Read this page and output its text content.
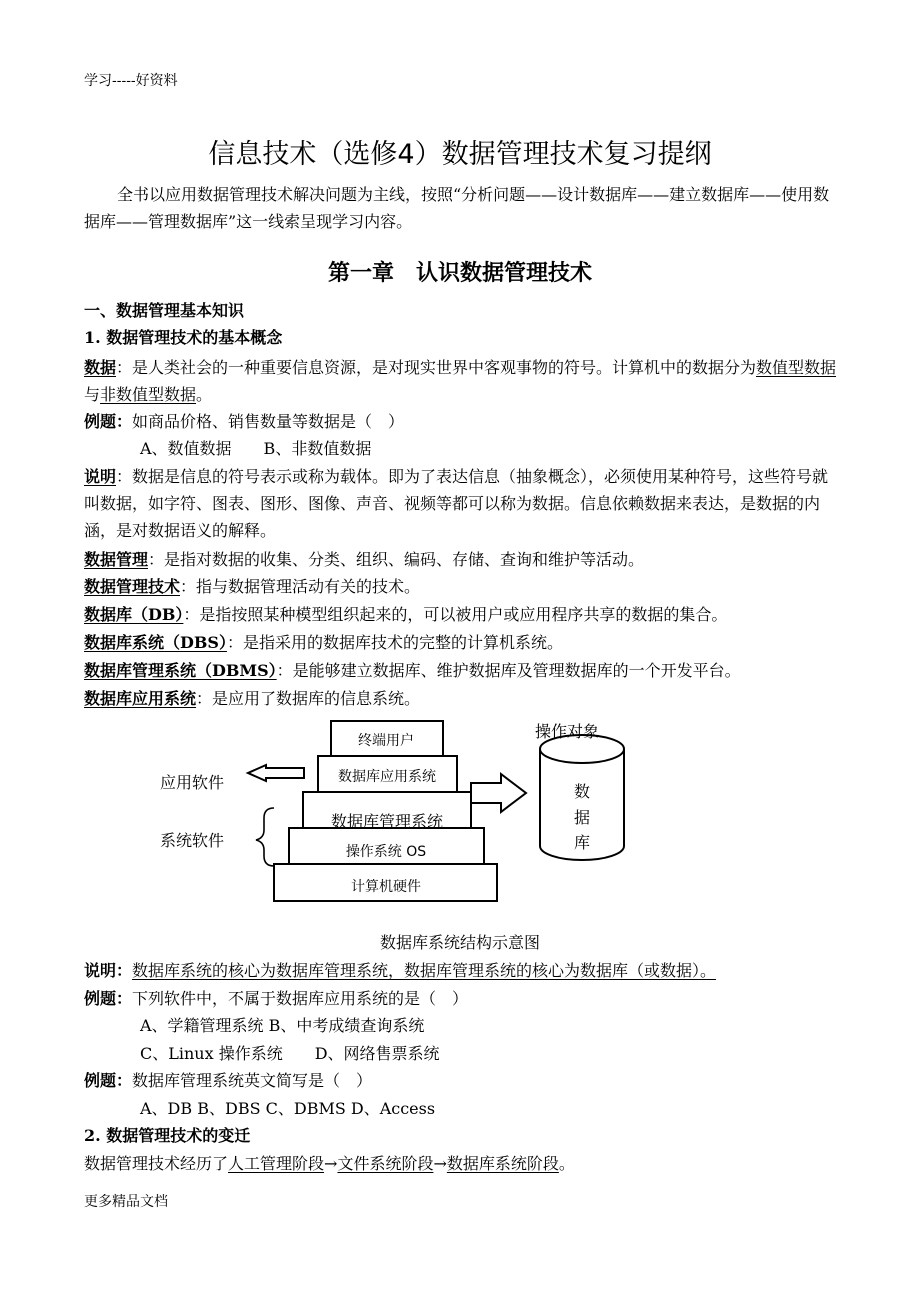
学习-----好资料
信息技术（选修4）数据管理技术复习提纲
全书以应用数据管理技术解决问题为主线，按照“分析问题——设计数据库——建立数据库——使用数据库——管理数据库”这一线索呈现学习内容。
第一章　认识数据管理技术
一、数据管理基本知识
1. 数据管理技术的基本概念
数据：是人类社会的一种重要信息资源，是对现实世界中客观事物的符号。计算机中的数据分为数值型数据与非数值型数据。
例题：如商品价格、销售数量等数据是（　）
A、数值数据　　B、非数值数据
说明：数据是信息的符号表示或称为载体。即为了表达信息（抽象概念），必须使用某种符号，这些符号就叫数据，如字符、图表、图形、图像、声音、视频等都可以称为数据。信息依赖数据来表达，是数据的内涵，是对数据语义的解释。
数据管理：是指对数据的收集、分类、组织、编码、存储、查询和维护等活动。
数据管理技术：指与数据管理活动有关的技术。
数据库（DB）：是指按照某种模型组织起来的，可以被用户或应用程序共享的数据的集合。
数据库系统（DBS）：是指采用的数据库技术的完整的计算机系统。
数据库管理系统（DBMS）：是能够建立数据库、维护数据库及管理数据库的一个开发平台。
数据库应用系统：是应用了数据库的信息系统。
终端用户
数据库应用系统
数据库管理系统
操作系统 OS
计算机硬件
应用软件
系统软件
操作对象
数
据
库
数据库系统结构示意图
说明：数据库系统的核心为数据库管理系统，数据库管理系统的核心为数据库（或数据）。
例题：下列软件中，不属于数据库应用系统的是（　）
A、学籍管理系统 B、中考成绩查询系统
C、Linux 操作系统　　D、网络售票系统
例题：数据库管理系统英文简写是（　）
A、DB B、DBS C、DBMS D、Access
2. 数据管理技术的变迁
数据管理技术经历了人工管理阶段→文件系统阶段→数据库系统阶段。
更多精品文档
